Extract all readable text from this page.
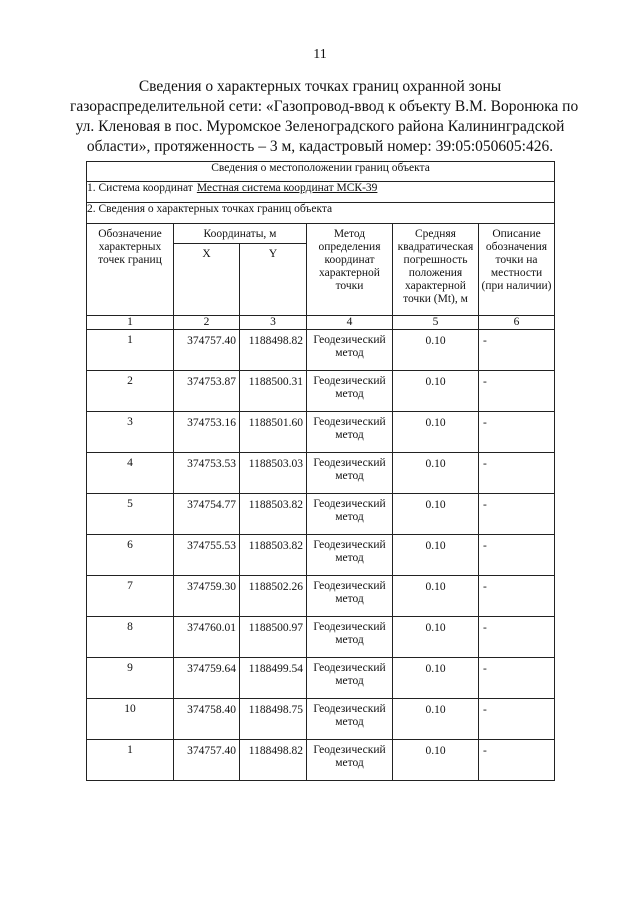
11
Сведения о характерных точках границ охранной зоны
газораспределительной сети: «Газопровод-ввод к объекту В.М. Воронюка по
ул. Кленовая в пос. Муромское Зеленоградского района Калининградской
области», протяженность – 3 м, кадастровый номер: 39:05:050605:426.
Сведения о местоположении границ объекта					
1. Система координат Местная система координат МСК-39					
2. Сведения о характерных точках границ объекта					
Обозначение характерных точек границ	Координаты, м		Метод определения координат характерной точки	Средняя квадратическая погрешность положения характерной точки (Mt), м	Описание обозначения точки на местности (при наличии)
	X	Y			
1	2	3	4	5	6
1	374757.40	1188498.82	Геодезический метод	0.10	-
2	374753.87	1188500.31	Геодезический метод	0.10	-
3	374753.16	1188501.60	Геодезический метод	0.10	-
4	374753.53	1188503.03	Геодезический метод	0.10	-
5	374754.77	1188503.82	Геодезический метод	0.10	-
6	374755.53	1188503.82	Геодезический метод	0.10	-
7	374759.30	1188502.26	Геодезический метод	0.10	-
8	374760.01	1188500.97	Геодезический метод	0.10	-
9	374759.64	1188499.54	Геодезический метод	0.10	-
10	374758.40	1188498.75	Геодезический метод	0.10	-
1	374757.40	1188498.82	Геодезический метод	0.10	-
